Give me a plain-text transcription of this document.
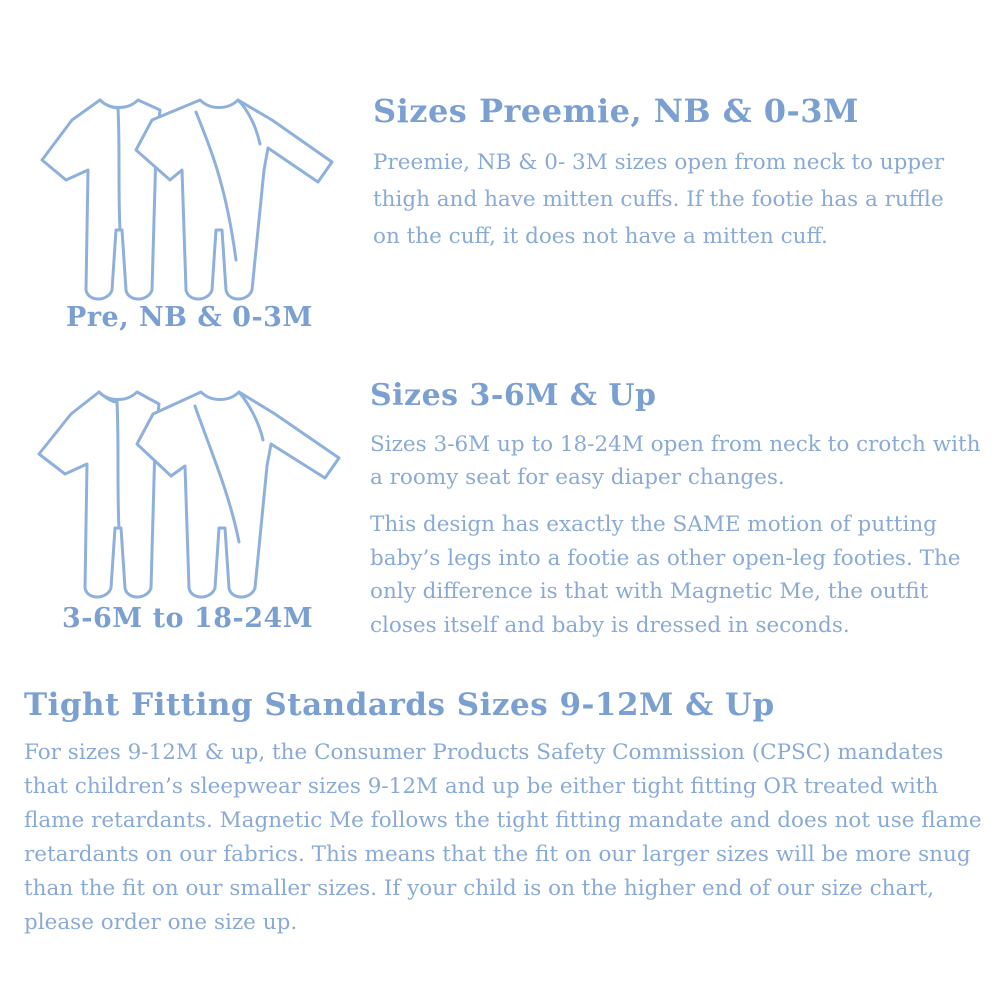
Pre, NB & 0-3M
Sizes Preemie, NB & 0-3M

Preemie, NB & 0- 3M sizes open from neck to upper thigh and have mitten cuffs. If the footie has a ruffle on the cuff, it does not have a mitten cuff.

3-6M to 18-24M
Sizes 3-6M & Up

Sizes 3-6M up to 18-24M open from neck to crotch with a roomy seat for easy diaper changes.

This design has exactly the SAME motion of putting baby’s legs into a footie as other open-leg footies. The only difference is that with Magnetic Me, the outfit closes itself and baby is dressed in seconds.

Tight Fitting Standards Sizes 9-12M & Up

For sizes 9-12M & up, the Consumer Products Safety Commission (CPSC) mandates that children’s sleepwear sizes 9-12M and up be either tight fitting OR treated with flame retardants. Magnetic Me follows the tight fitting mandate and does not use flame retardants on our fabrics. This means that the fit on our larger sizes will be more snug than the fit on our smaller sizes. If your child is on the higher end of our size chart, please order one size up.
